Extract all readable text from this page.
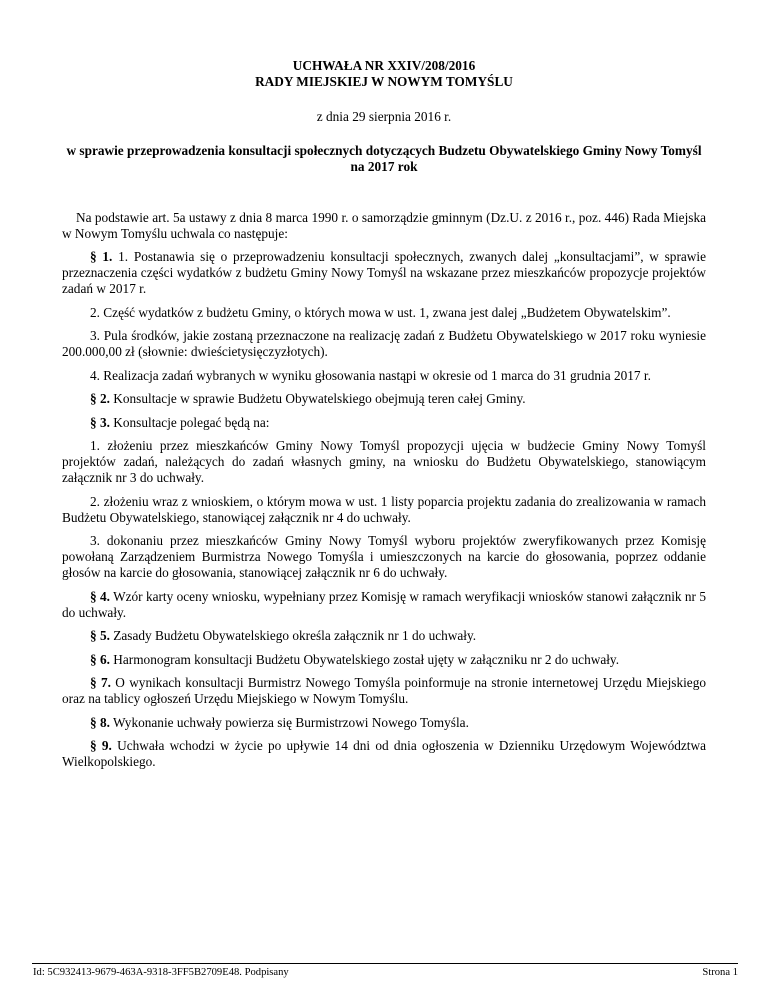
UCHWAŁA NR XXIV/208/2016
RADY MIEJSKIEJ W NOWYM TOMYŚLU
z dnia 29 sierpnia 2016 r.
w sprawie przeprowadzenia konsultacji społecznych dotyczących Budzetu Obywatelskiego Gminy Nowy Tomyśl na 2017 rok

Na podstawie art. 5a ustawy z dnia 8 marca 1990 r. o samorządzie gminnym (Dz.U. z 2016 r., poz. 446) Rada Miejska w Nowym Tomyślu uchwala co następuje:

§ 1. 1. Postanawia się o przeprowadzeniu konsultacji społecznych, zwanych dalej „konsultacjami”, w sprawie przeznaczenia części wydatków z budżetu Gminy Nowy Tomyśl na wskazane przez mieszkańców propozycje projektów zadań w 2017 r.

2. Część wydatków z budżetu Gminy, o których mowa w ust. 1, zwana jest dalej „Budżetem Obywatelskim”.

3. Pula środków, jakie zostaną przeznaczone na realizację zadań z Budżetu Obywatelskiego w 2017 roku wyniesie 200.000,00 zł (słownie: dwieścietysięczyzłotych).

4. Realizacja zadań wybranych w wyniku głosowania nastąpi w okresie od 1 marca do 31 grudnia 2017 r.

§ 2. Konsultacje w sprawie Budżetu Obywatelskiego obejmują teren całej Gminy.

§ 3. Konsultacje polegać będą na:

1. złożeniu przez mieszkańców Gminy Nowy Tomyśl propozycji ujęcia w budżecie Gminy Nowy Tomyśl projektów zadań, należących do zadań własnych gminy, na wniosku do Budżetu Obywatelskiego, stanowiącym załącznik nr 3 do uchwały.

2. złożeniu wraz z wnioskiem, o którym mowa w ust. 1 listy poparcia projektu zadania do zrealizowania w ramach Budżetu Obywatelskiego, stanowiącej załącznik nr 4 do uchwały.

3. dokonaniu przez mieszkańców Gminy Nowy Tomyśl wyboru projektów zweryfikowanych przez Komisję powołaną Zarządzeniem Burmistrza Nowego Tomyśla i umieszczonych na karcie do głosowania, poprzez oddanie głosów na karcie do głosowania, stanowiącej załącznik nr 6 do uchwały.

§ 4. Wzór karty oceny wniosku, wypełniany przez Komisję w ramach weryfikacji wniosków stanowi załącznik nr 5 do uchwały.

§ 5. Zasady Budżetu Obywatelskiego określa załącznik nr 1 do uchwały.

§ 6. Harmonogram konsultacji Budżetu Obywatelskiego został ujęty w załączniku nr 2 do uchwały.

§ 7. O wynikach konsultacji Burmistrz Nowego Tomyśla poinformuje na stronie internetowej Urzędu Miejskiego oraz na tablicy ogłoszeń Urzędu Miejskiego w Nowym Tomyślu.

§ 8. Wykonanie uchwały powierza się Burmistrzowi Nowego Tomyśla.

§ 9. Uchwała wchodzi w życie po upływie 14 dni od dnia ogłoszenia w Dzienniku Urzędowym Województwa Wielkopolskiego.

Id: 5C932413-9679-463A-9318-3FF5B2709E48. Podpisany	Strona 1
